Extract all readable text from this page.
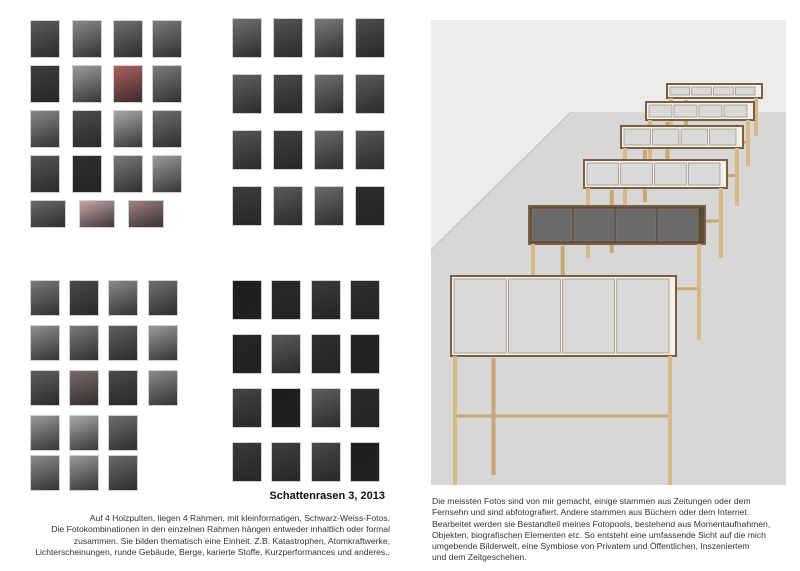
Schattenrasen 3, 2013
Auf 4 Holzpulten, liegen 4 Rahmen, mit kleinformatigen, Schwarz-Weiss-Fotos.
Die Fotokombinationen in den einzelnen Rahmen hängen entweder inhaltlich oder formal
zusammen. Sie bilden thematisch eine Einheit. Z.B. Katastrophen, Atomkraftwerke,
Lichterscheinungen, runde Gebäude, Berge, karierte Stoffe, Kurzperformances und anderes..
Die meissten Fotos sind von mir gemacht, einige stammen aus Zeitungen oder dem
Fernsehn und sind abfotografiert. Andere stammen aus Büchern oder dem Internet.
Bearbeitet werden sie Bestandteil meines Fotopools, bestehend aus Momentaufnahmen,
Objekten, biografischen Elementen etc. So entsteht eine umfassende Sicht auf die mich
umgebende Bilderwelt, eine Symbiose von Privatem und Öffentlichen, Inszeniertem
und dem Zeitgeschehen.
